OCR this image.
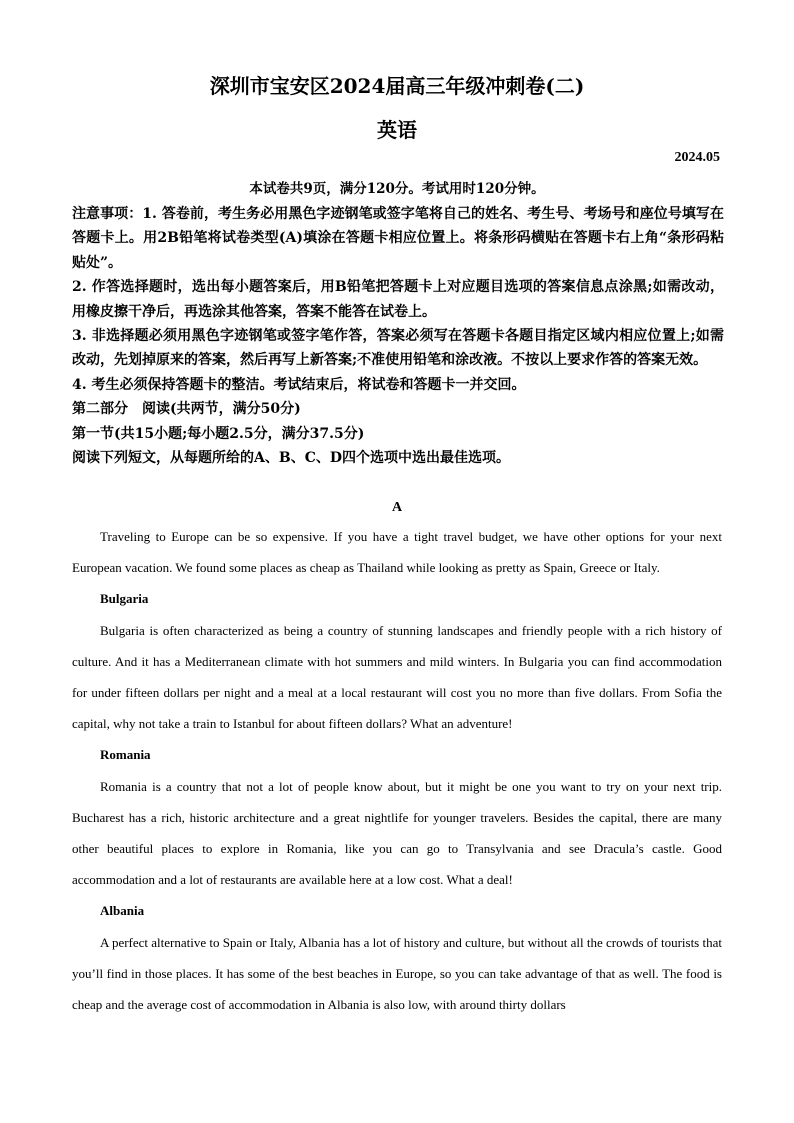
深圳市宝安区2024届高三年级冲刺卷(二)
英语
2024.05
本试卷共9页，满分120分。考试用时120分钟。

注意事项：1. 答卷前，考生务必用黑色字迹钢笔或签字笔将自己的姓名、考生号、考场号和座位号填写在答题卡上。用2B铅笔将试卷类型(A)填涂在答题卡相应位置上。将条形码横贴在答题卡右上角“条形码粘贴处”。

2. 作答选择题时，选出每小题答案后，用B铅笔把答题卡上对应题目选项的答案信息点涂黑;如需改动，用橡皮擦干净后，再选涂其他答案，答案不能答在试卷上。

3. 非选择题必须用黑色字迹钢笔或签字笔作答，答案必须写在答题卡各题目指定区域内相应位置上;如需改动，先划掉原来的答案，然后再写上新答案;不准使用铅笔和涂改液。不按以上要求作答的答案无效。

4. 考生必须保持答题卡的整洁。考试结束后，将试卷和答题卡一并交回。

第二部分　阅读(共两节，满分50分)

第一节(共15小题;每小题2.5分，满分37.5分)

阅读下列短文，从每题所给的A、B、C、D四个选项中选出最佳选项。

A

Traveling to Europe can be so expensive. If you have a tight travel budget, we have other options for your next European vacation. We found some places as cheap as Thailand while looking as pretty as Spain, Greece or Italy.

Bulgaria

Bulgaria is often characterized as being a country of stunning landscapes and friendly people with a rich history of culture. And it has a Mediterranean climate with hot summers and mild winters. In Bulgaria you can find accommodation for under fifteen dollars per night and a meal at a local restaurant will cost you no more than five dollars. From Sofia the capital, why not take a train to Istanbul for about fifteen dollars? What an adventure!

Romania

Romania is a country that not a lot of people know about, but it might be one you want to try on your next trip. Bucharest has a rich, historic architecture and a great nightlife for younger travelers. Besides the capital, there are many other beautiful places to explore in Romania, like you can go to Transylvania and see Dracula’s castle. Good accommodation and a lot of restaurants are available here at a low cost. What a deal!

Albania

A perfect alternative to Spain or Italy, Albania has a lot of history and culture, but without all the crowds of tourists that you’ll find in those places. It has some of the best beaches in Europe, so you can take advantage of that as well. The food is cheap and the average cost of accommodation in Albania is also low, with around thirty dollars
